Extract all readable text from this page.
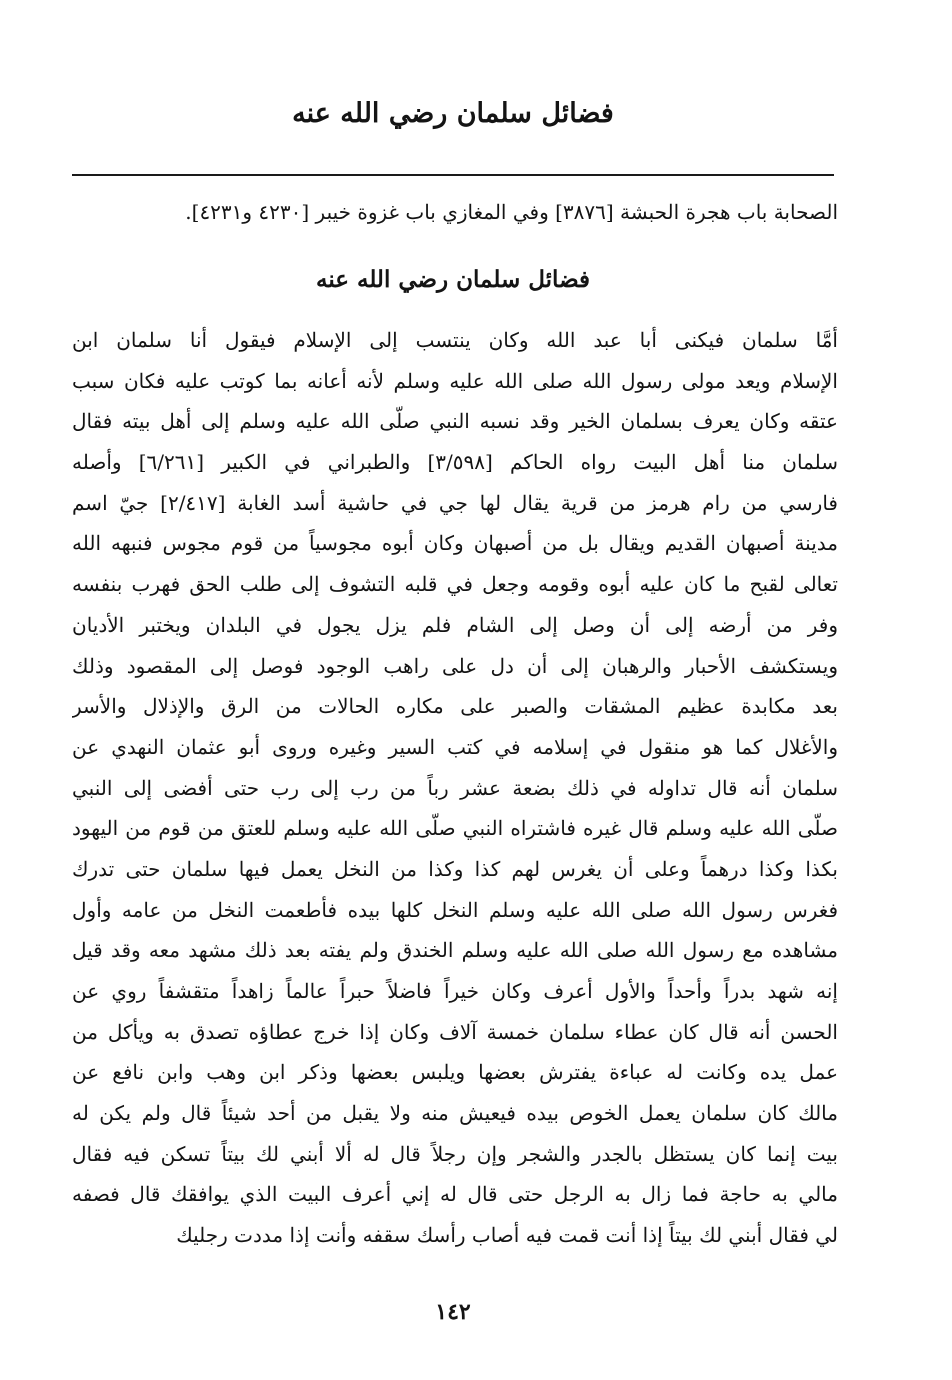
فضائل سلمان رضي الله عنه
الصحابة باب هجرة الحبشة [٣٨٧٦] وفي المغازي باب غزوة خيبر [٤٢٣٠ و٤٢٣١].
فضائل سلمان رضي الله عنه
أمَّا سلمان فيكنى أبا عبد الله وكان ينتسب إلى الإسلام فيقول أنا سلمان ابن
الإسلام ويعد مولى رسول الله صلى الله عليه وسلم لأنه أعانه بما كوتب عليه فكان سبب
عتقه وكان يعرف بسلمان الخير وقد نسبه النبي صلّى الله عليه وسلم إلى أهل بيته فقال
سلمان منا أهل البيت رواه الحاكم [٣/٥٩٨] والطبراني في الكبير [٦/٢٦١] وأصله
فارسي من رام هرمز من قرية يقال لها جي في حاشية أسد الغابة [٢/٤١٧] جيّ اسم
مدينة أصبهان القديم ويقال بل من أصبهان وكان أبوه مجوسياً من قوم مجوس فنبهه الله
تعالى لقبح ما كان عليه أبوه وقومه وجعل في قلبه التشوف إلى طلب الحق فهرب بنفسه
وفر من أرضه إلى أن وصل إلى الشام فلم يزل يجول في البلدان ويختبر الأديان
ويستكشف الأحبار والرهبان إلى أن دل على راهب الوجود فوصل إلى المقصود وذلك
بعد مكابدة عظيم المشقات والصبر على مكاره الحالات من الرق والإذلال والأسر
والأغلال كما هو منقول في إسلامه في كتب السير وغيره وروى أبو عثمان النهدي عن
سلمان أنه قال تداوله في ذلك بضعة عشر رباً من رب إلى رب حتى أفضى إلى النبي
صلّى الله عليه وسلم قال غيره فاشتراه النبي صلّى الله عليه وسلم للعتق من قوم من اليهود
بكذا وكذا درهماً وعلى أن يغرس لهم كذا وكذا من النخل يعمل فيها سلمان حتى تدرك
فغرس رسول الله صلى الله عليه وسلم النخل كلها بيده فأطعمت النخل من عامه وأول
مشاهده مع رسول الله صلى الله عليه وسلم الخندق ولم يفته بعد ذلك مشهد معه وقد قيل
إنه شهد بدراً وأحداً والأول أعرف وكان خيراً فاضلاً حبراً عالماً زاهداً متقشفاً روي عن
الحسن أنه قال كان عطاء سلمان خمسة آلاف وكان إذا خرج عطاؤه تصدق به ويأكل من
عمل يده وكانت له عباءة يفترش بعضها ويلبس بعضها وذكر ابن وهب وابن نافع عن
مالك كان سلمان يعمل الخوص بيده فيعيش منه ولا يقبل من أحد شيئاً قال ولم يكن له
بيت إنما كان يستظل بالجدر والشجر وإن رجلاً قال له ألا أبني لك بيتاً تسكن فيه فقال
مالي به حاجة فما زال به الرجل حتى قال له إني أعرف البيت الذي يوافقك قال فصفه
لي فقال أبني لك بيتاً إذا أنت قمت فيه أصاب رأسك سقفه وأنت إذا مددت رجليك
١٤٢
